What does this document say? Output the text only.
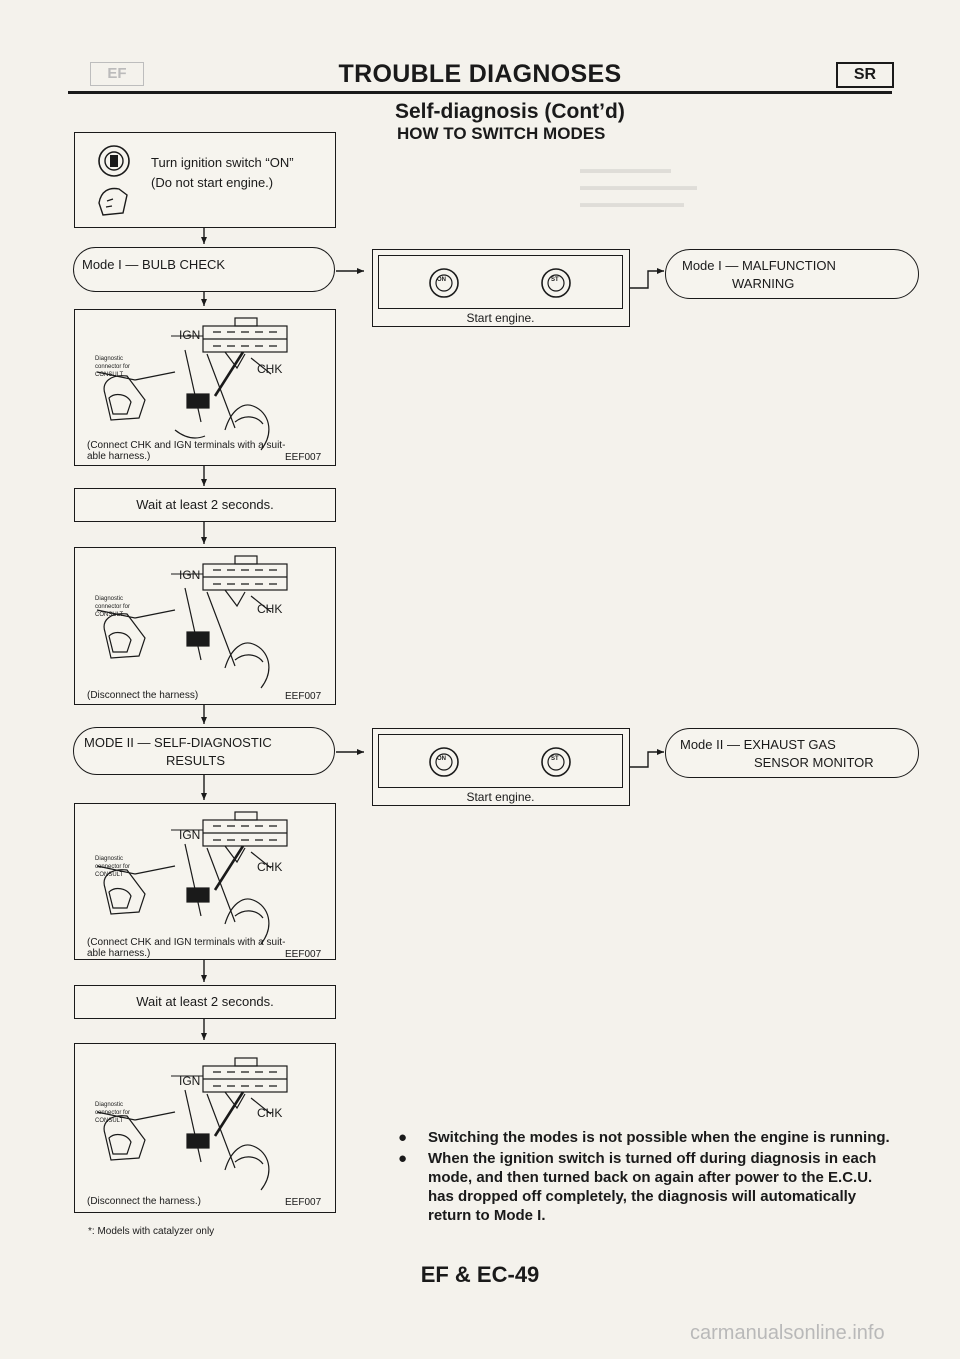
▬▬▬▬▬▬▬
▬▬▬▬▬▬▬▬▬
▬▬▬▬▬▬▬▬
EF	TROUBLE DIAGNOSES	SR
Self-diagnosis (Cont’d)
HOW TO SWITCH MODES
Turn ignition switch “ON”
(Do not start engine.)
Mode I — BULB CHECK
ON	ST
Start engine.
Mode I — MALFUNCTION
WARNING
IGN
CHK
Diagnostic
connector for
CONSULT
(Connect CHK and IGN terminals with a suit-
able harness.)	EEF007
Wait at least 2 seconds.
IGN
CHK
Diagnostic
connector for
CONSULT
(Disconnect the harness)	EEF007
MODE II — SELF-DIAGNOSTIC
RESULTS	ON	ST
Start engine.
Mode II — EXHAUST GAS
SENSOR MONITOR
IGN
CHK
Diagnostic
connector for
CONSULT
(Connect CHK and IGN terminals with a suit-
able harness.)	EEF007
Wait at least 2 seconds.
IGN
CHK
Diagnostic
connector for
CONSULT
(Disconnect the harness.)	EEF007
*: Models with catalyzer only
● Switching the modes is not possible when the engine is running.
● When the ignition switch is turned off during diagnosis in each mode, and then turned back on again after power to the E.C.U. has dropped off completely, the diagnosis will automatically return to Mode I.
EF & EC-49
carmanualsonline.info
